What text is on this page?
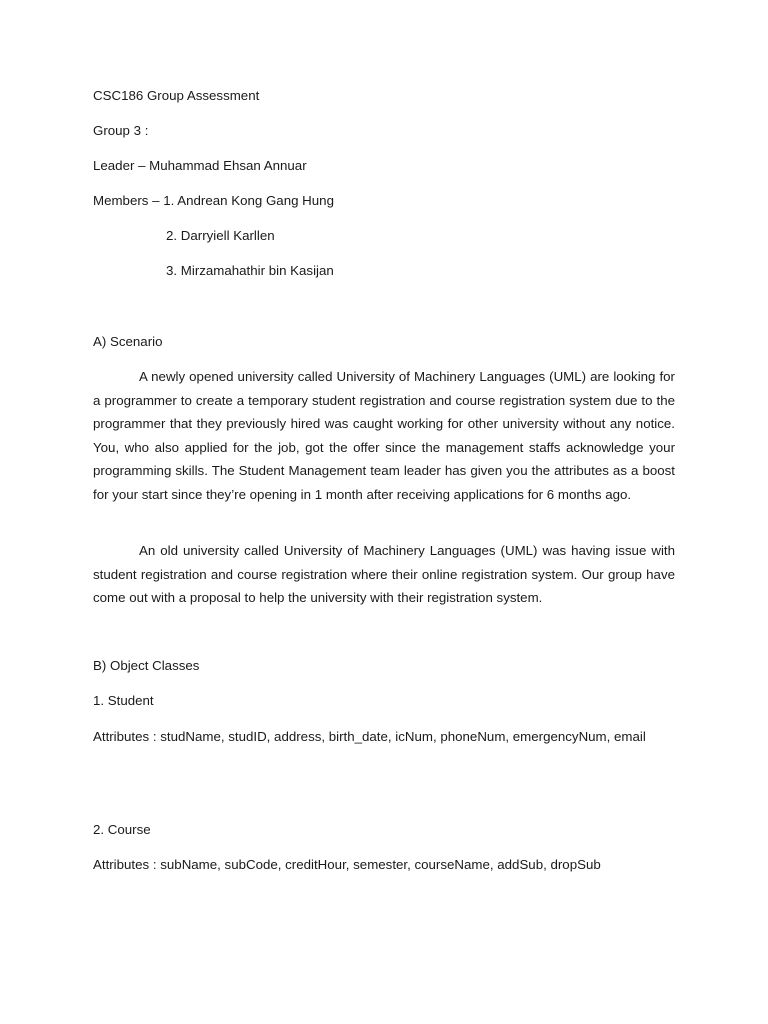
CSC186 Group Assessment
Group 3 :
Leader – Muhammad Ehsan Annuar
Members – 1. Andrean Kong Gang Hung
2. Darryiell Karllen
3. Mirzamahathir bin Kasijan
A) Scenario

A newly opened university called University of Machinery Languages (UML) are looking for a programmer to create a temporary student registration and course registration system due to the programmer that they previously hired was caught working for other university without any notice. You, who also applied for the job, got the offer since the management staffs acknowledge your programming skills. The Student Management team leader has given you the attributes as a boost for your start since they’re opening in 1 month after receiving applications for 6 months ago.

An old university called University of Machinery Languages (UML) was having issue with student registration and course registration where their online registration system. Our group have come out with a proposal to help the university with their registration system.

B) Object Classes
1. Student

Attributes : studName, studID, address, birth_date, icNum, phoneNum, emergencyNum, email

2. Course
Attributes : subName, subCode, creditHour, semester, courseName, addSub, dropSub
